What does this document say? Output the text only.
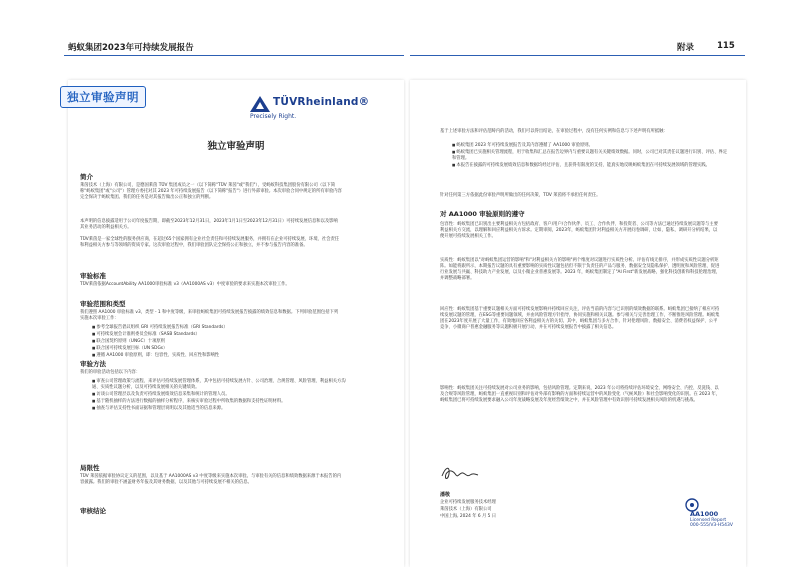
蚂蚁集团2023年可持续发展报告	附录	115
独立审验声明	TÜVRheinland®
Precisely Right.
独立审验声明
简介
莱茵技术（上海）有限公司，是德国莱茵 TÜV 集团成员之一（以下简称"TÜV 莱茵"或"我们"），受蚂蚁科技集团股份有限公司（以下简称"蚂蚁集团"或"公司"）管理方委托对其 2023 年可持续发展报告（以下简称"报告"）进行外部审验。本次审验合同中规定的所有审验内容完全保决于蚂蚁集团。我们的任务是对其报告做出公正和独立的判断。
本声明的信息披露适用于公司年度报告期，即截至2023年12月31日，2023年1月1日至2023年12月31日）可持续发展信息和以及影响其业务活动的利益相关方。
TÜV莱茵是一家全球性的服务供应商，在超过65个国家拥有企业社会责任和可持续发展服务，并拥有在企业可持续发展、环境、社会责任和利益相关方参与等领域的资质专家。这次审验过程中，我们审验团队完全保持公正和独立，并不参与报告内容的准备。
审验标准
TÜV莱茵依据AccountAbility AA1000审验标准 v3（AA1000AS v3）中度审验的要求来实施本次审验工作。
审验范围和类型
我们遵照 AA1000 审验标准 v3，类型 - 1 和中度等级，来审验蚂蚁集团可持续发展报告披露的绩效信息和数据。下列审验范围包括下列实施本次审验工作：
■ 参考全球报告倡议组织 GRI 可持续发展报告标准（GRI Standards）
■ 可持续发展会计准则委员会标准（SASB Standards）
■ 联合国契约原则（UNGC）十项原则
■ 联合国可持续发展目标（UN SDGs）
■ 遵循 AA1000 审验原则，即：包容性、实质性、回应性和影响性
审验方法
我们的审验活动包括以下内容：
■ 审查公司管理政策与流程、来评估可持续发展管理体系，其中包括可持续发展方针、公司治理、合规管理、风险管理、利益相关方沟通、实质性议题分析，以及可持续发展相关的关键绩效。
■ 访谈公司管理层以及负责可持续发展绩效信息采集和统计的管理人员。
■ 基于随机抽样的方法进行数据的抽样分析程序，来核实审验过程中所收集的数据和支持性证明材料。
■ 抽查与评估支持性书面证据和管理层说明以及其他适当的信息来源。
局限性
TÜV 莱茵依据审验协议定义的范围，以及基于 AA1000AS v3 中度等级来实施本次审验。与审验有关的信息和绩效数据来源于本报告的内容披露。我们的审验不涵盖财务年报及其财务数据，以及其他与可持续发展不相关的信息。
审核结论
基于上述审验方法和评估范畴内的活动，我们可以得出结论，在审验过程中，没有任何实例和信息与下述声明有所抵触：
■ 蚂蚁集团 2023 年可持续发展报告及其内容遵循了 AA1000 审验原则。
■ 蚂蚁集团已实施相关管理流程，用于收集和汇总在报告边界内与重要议题有关关键绩效数据。同时，公司已对其责任议题进行识别、评估、界定和管理。
■ 本报告在披露的可持续发展绩效信息和数据均经过评估，且获得有限度的支持，能真实地反映蚂蚁集团在可持续发展领域的管理实践。
针对任何第三方依据此份审验声明所做出的任何决策，TÜV 莱茵将不承担任何责任。
对 AA1000 审验原则的遵守
包容性：蚂蚁集团已识别出主要利益相关方包括政府、客户/用户/合作伙伴、员工、合作伙伴、和投资者、公司等方法已通过持续发展议题等与主要利益相关方交流，以理解和回应利益相关方诉求。定期审阅，2023年，蚂蚁集团针对利益相关方开展问卷调研，让如，隐私、调研开分析结果，以便开展可持续发展相关工作。
实质性：蚂蚁集团以"对蚂蚁集团运营的影响"和"对利益相关方的影响"两个维度对议题进行实质性分析。评估有线无排序，并形成实质性议题分析矩阵。如能将跟所示，本期报告议题的具有重要影响的实质性议题包括但不限于负责任的产品与服务、数据安全及隐私保护、透明度和风险管理、促进行业发展与共赢、科技助力产业发展，以及小微企业普惠发展等。2023 年，蚂蚁集团制定了"AI First"新发展战略，强化科技创新和科技伦理治理，并调整战略部署。
回应性：蚂蚁集团基于重要议题相关方面可持续发展影响并持续回应关注，评估当前的内容与已识别的绩效数据的联系。蚂蚁集团已接纳了相应可持续发展议题的管理，在ESG等重要问题领域，并由风险管理方针指导，协同实施和相关议题。参与相关与完善治理工作，不断推进风险管理。蚂蚁集团在2023年度开展了大量工作，有效地回应各利益相关方的关切。其中，蚂蚁集团与多方合作，针对伦理风险、数据安全、消费者权益保护、公平竞争、小微商户普惠金融服务等议题积极开展行动，并在可持续发展报告中披露了相关信息。
影响性：蚂蚁集团关注可持续发展对公司业务的影响，包括风险管理。定期来说，2023 年公司将持续评估环境安全、网络安全、内控、反洗钱、以及合规等风险管理，蚂蚁集团一直重视识别和评估对外部有影响的方面和持续运营中的风险变化（气候风险）和社会影响变化的识别。在 2023 年，蚂蚁集团已将可持续发展要求融入公司年度战略发展及年度经营绩效之中，并在风险管理中有效识别可持续发展相关风险的机遇与挑战。
潘敬
企业可持续发展服务技术经理
莱茵技术（上海）有限公司
中国上海, 2024 年 6 月 5 日	AA1000
Licensed Report
000-555/V3-H543V
